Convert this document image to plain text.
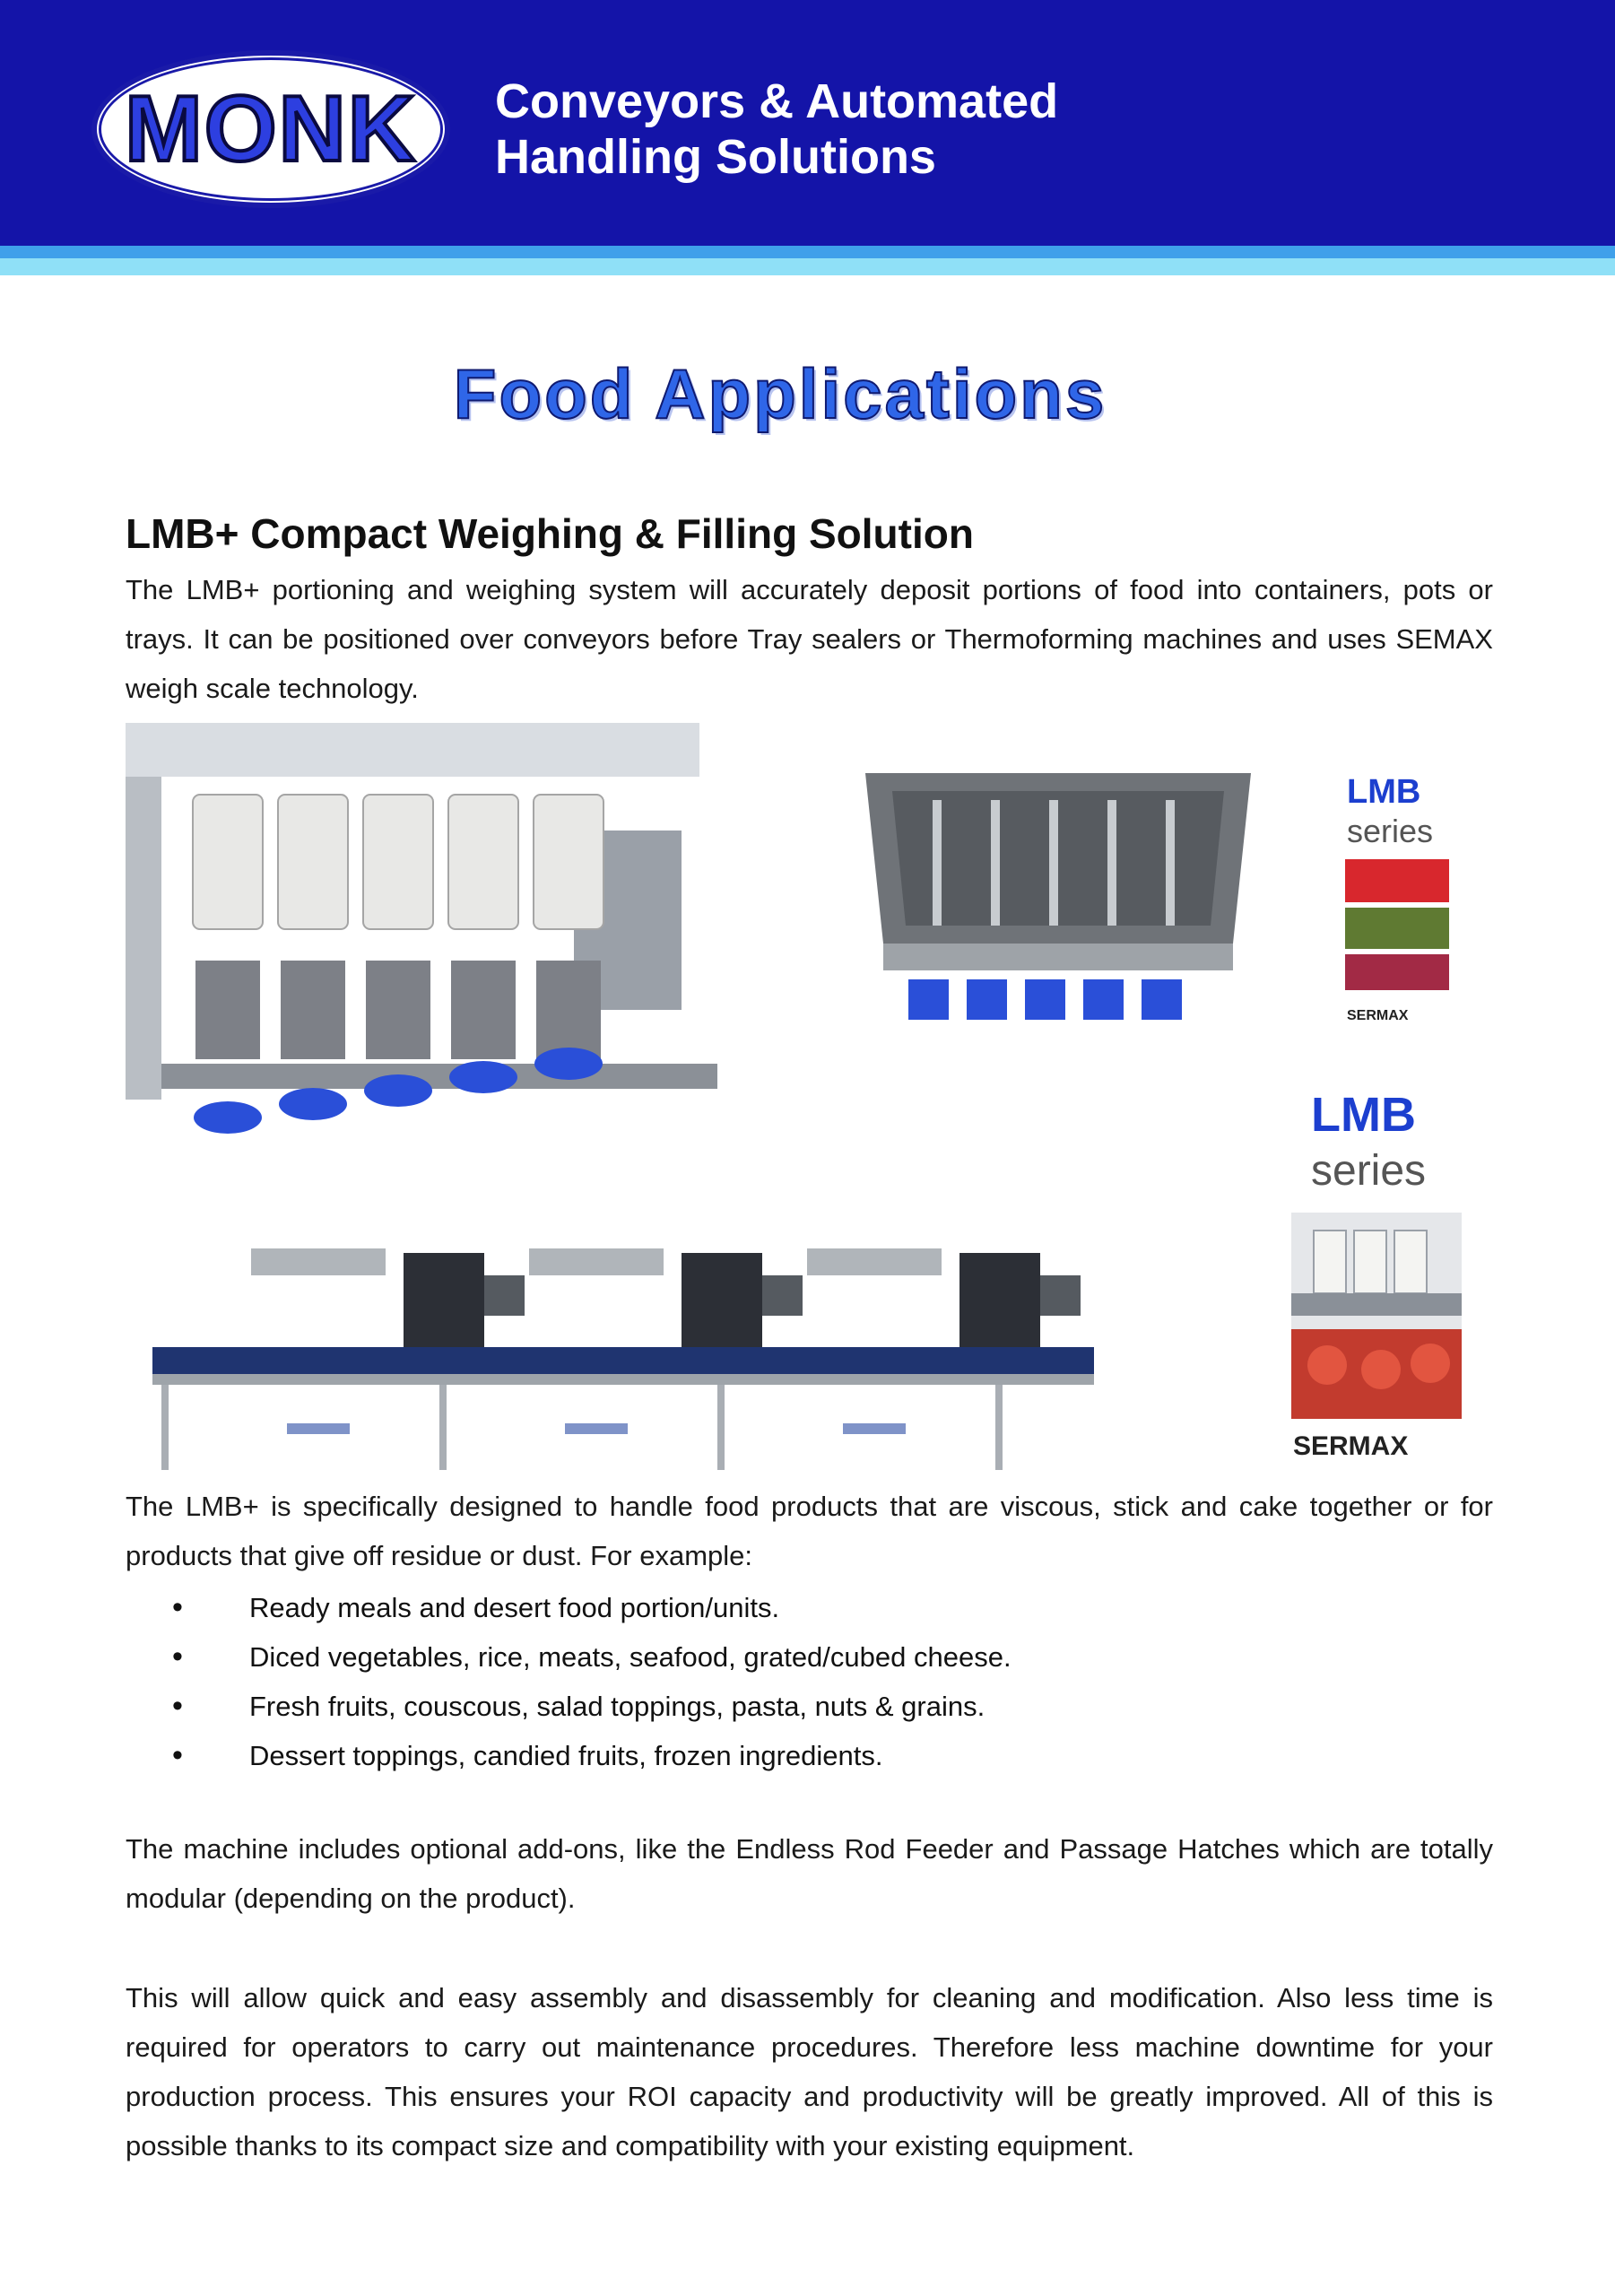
MONK	Conveyors & Automated
Handling Solutions
Food Applications
LMB+ Compact Weighing & Filling Solution
The LMB+ portioning and weighing system will accurately deposit portions of food into containers, pots or trays. It can be positioned over conveyors before Tray sealers or Thermoforming machines and uses SEMAX weigh scale technology.
LMB
series
SERMAX
LMB
series
SERMAX
The LMB+ is specifically designed to handle food products that are viscous, stick and cake together or for products that give off residue or dust. For example:
• Ready meals and desert food portion/units.
• Diced vegetables, rice, meats, seafood, grated/cubed cheese.
• Fresh fruits, couscous, salad toppings, pasta, nuts & grains.
• Dessert toppings, candied fruits, frozen ingredients.
The machine includes optional add-ons, like the Endless Rod Feeder and Passage Hatches which are totally modular (depending on the product).
This will allow quick and easy assembly and disassembly for cleaning and modification. Also less time is required for operators to carry out maintenance procedures. Therefore less machine downtime for your production process. This ensures your ROI capacity and productivity will be greatly improved. All of this is possible thanks to its compact size and compatibility with your existing equipment.
